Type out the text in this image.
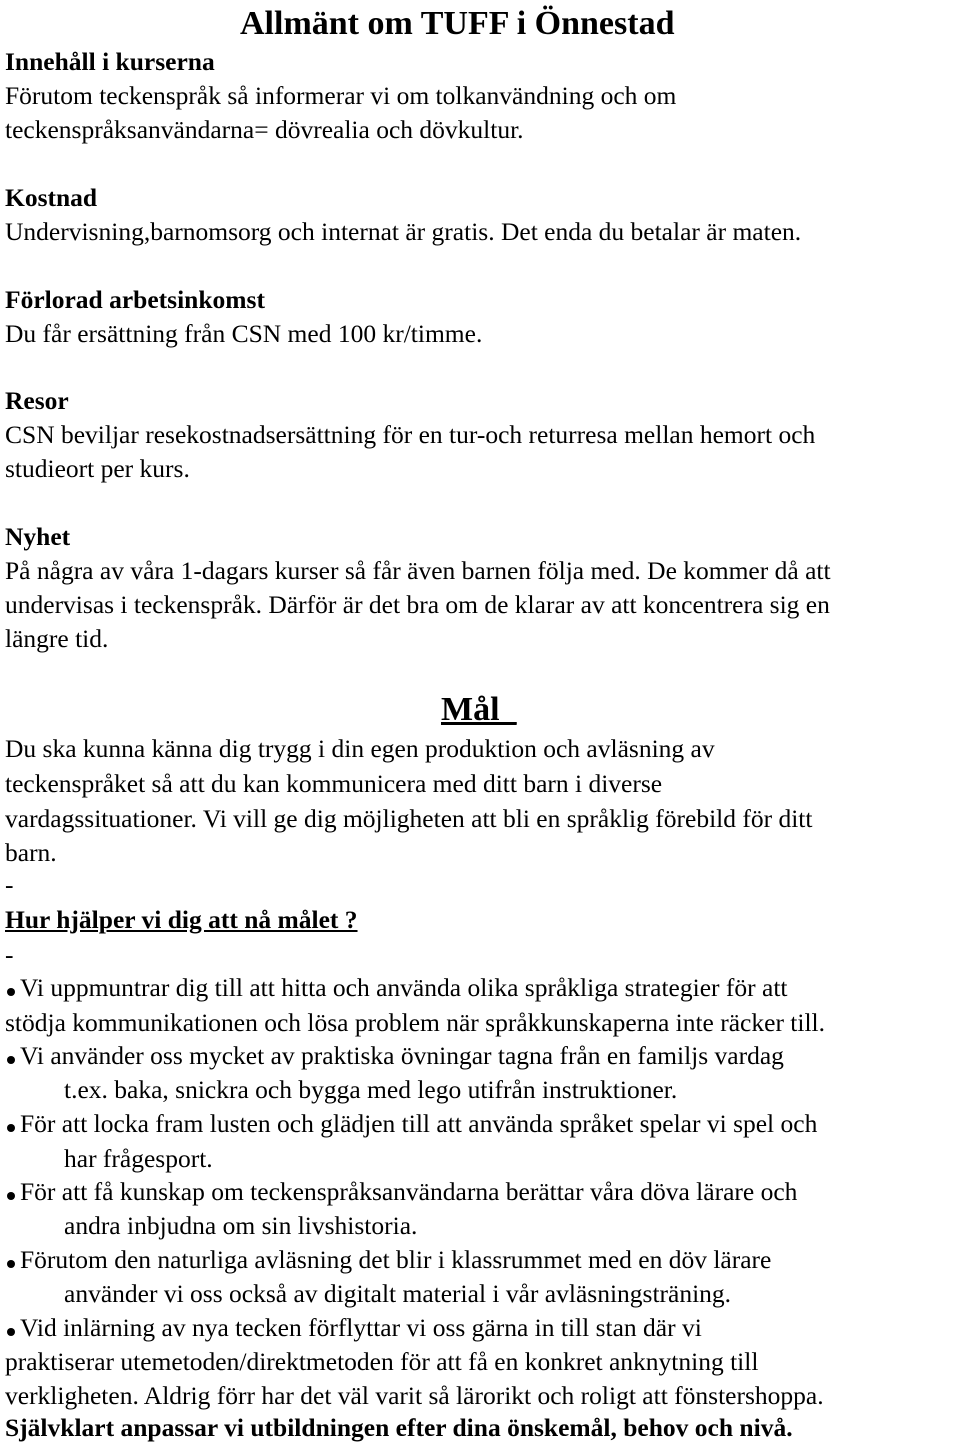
Allmänt om TUFF i Önnestad
Innehåll i kurserna
Förutom teckenspråk så informerar vi om tolkanvändning och om
teckenspråksanvändarna= dövrealia och dövkultur.
Kostnad
Undervisning,barnomsorg och internat är gratis. Det enda du betalar är maten.
Förlorad arbetsinkomst
Du får ersättning från CSN med 100 kr/timme.
Resor
CSN beviljar resekostnadsersättning för en tur-och returresa mellan hemort och
studieort per kurs.
Nyhet
På några av våra 1-dagars kurser så får även barnen följa med. De kommer då att
undervisas i teckenspråk. Därför är det bra om de klarar av att koncentrera sig en
längre tid.
Mål_
Du ska kunna känna dig trygg i din egen produktion och avläsning av
teckenspråket så att du kan kommunicera med ditt barn i diverse
vardagssituationer. Vi vill ge dig möjligheten att bli en språklig förebild för ditt
barn.
-
Hur hjälper vi dig att nå målet ?
-
Vi uppmuntrar dig till att hitta och använda olika språkliga strategier för att
stödja kommunikationen och lösa problem när språkkunskaperna inte räcker till.
Vi använder oss mycket av praktiska övningar tagna från en familjs vardag
t.ex. baka, snickra och bygga med lego utifrån instruktioner.
För att locka fram lusten och glädjen till att använda språket spelar vi spel och
har frågesport.
För att få kunskap om teckenspråksanvändarna berättar våra döva lärare och
andra inbjudna om sin livshistoria.
Förutom den naturliga avläsning det blir i klassrummet med en döv lärare
använder vi oss också av digitalt material i vår avläsningsträning.
Vid inlärning av nya tecken förflyttar vi oss gärna in till stan där vi
praktiserar utemetoden/direktmetoden för att få en konkret anknytning till
verkligheten. Aldrig förr har det väl varit så lärorikt och roligt att fönstershoppa.
Självklart anpassar vi utbildningen efter dina önskemål, behov och nivå.
